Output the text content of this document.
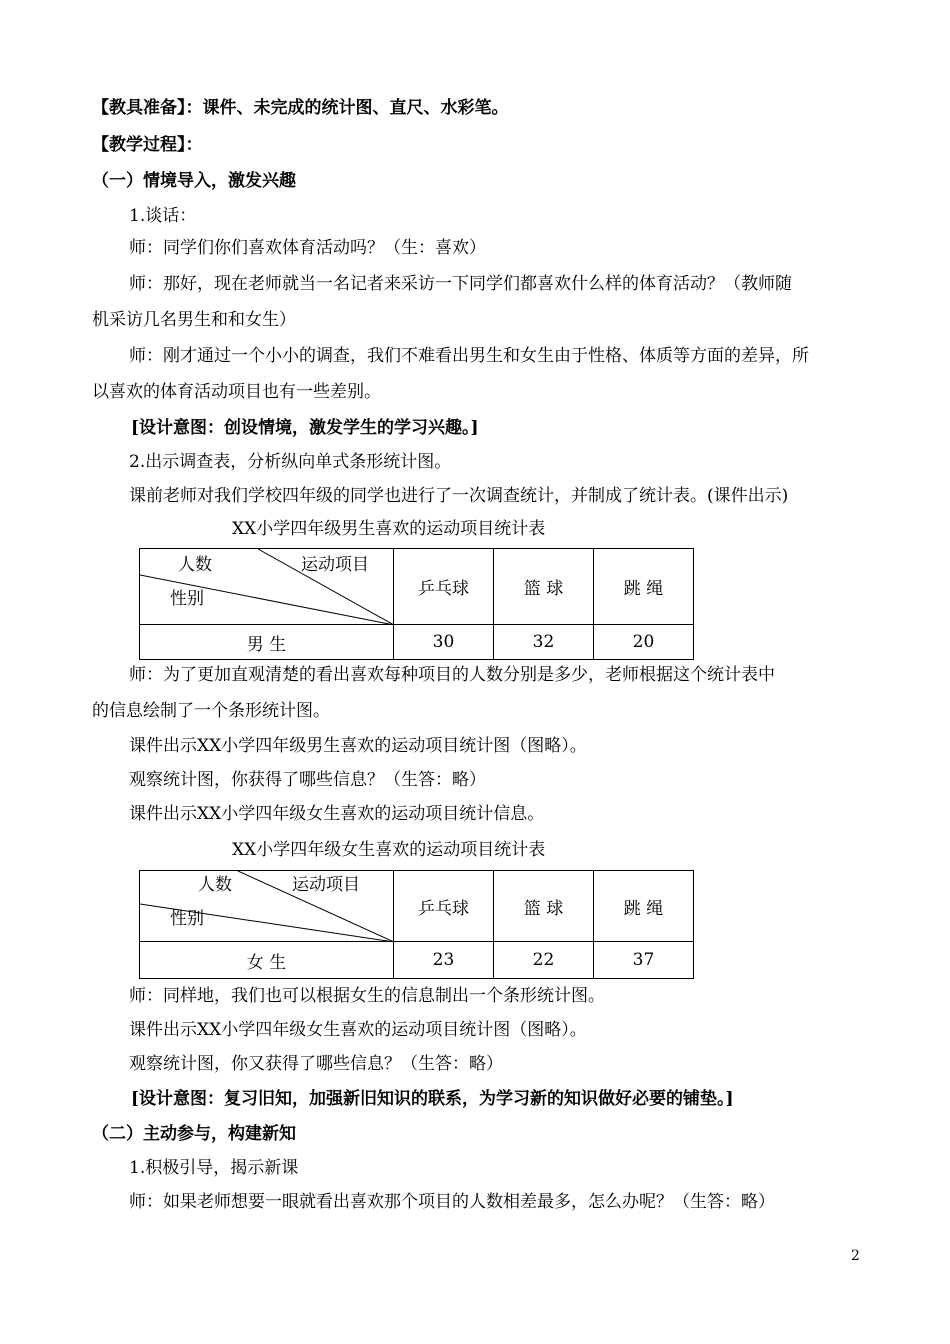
【教具准备】：课件、未完成的统计图、直尺、水彩笔。
【教学过程】：
（一）情境导入，激发兴趣
1.谈话：
师：同学们你们喜欢体育活动吗？（生：喜欢）
师：那好，现在老师就当一名记者来采访一下同学们都喜欢什么样的体育活动？（教师随
机采访几名男生和和女生）
师：刚才通过一个小小的调查，我们不难看出男生和女生由于性格、体质等方面的差异，所
以喜欢的体育活动项目也有一些差别。
[设计意图：创设情境，激发学生的学习兴趣。]
2.出示调查表，分析纵向单式条形统计图。
课前老师对我们学校四年级的同学也进行了一次调查统计，并制成了统计表。(课件出示)
XX小学四年级男生喜欢的运动项目统计表
人数 运动项目
性别	乒乓球	篮 球	跳 绳
男 生	30	32	20
师：为了更加直观清楚的看出喜欢每种项目的人数分别是多少，老师根据这个统计表中
的信息绘制了一个条形统计图。
课件出示XX小学四年级男生喜欢的运动项目统计图（图略）。
观察统计图，你获得了哪些信息？（生答：略）
课件出示XX小学四年级女生喜欢的运动项目统计信息。
XX小学四年级女生喜欢的运动项目统计表
人数 运动项目
性别	乒乓球	篮 球	跳 绳
女 生	23	22	37
师：同样地，我们也可以根据女生的信息制出一个条形统计图。
课件出示XX小学四年级女生喜欢的运动项目统计图（图略）。
观察统计图，你又获得了哪些信息？（生答：略）
[设计意图：复习旧知，加强新旧知识的联系，为学习新的知识做好必要的铺垫。]
（二）主动参与，构建新知
1.积极引导，揭示新课
师：如果老师想要一眼就看出喜欢那个项目的人数相差最多，怎么办呢？（生答：略）
2
